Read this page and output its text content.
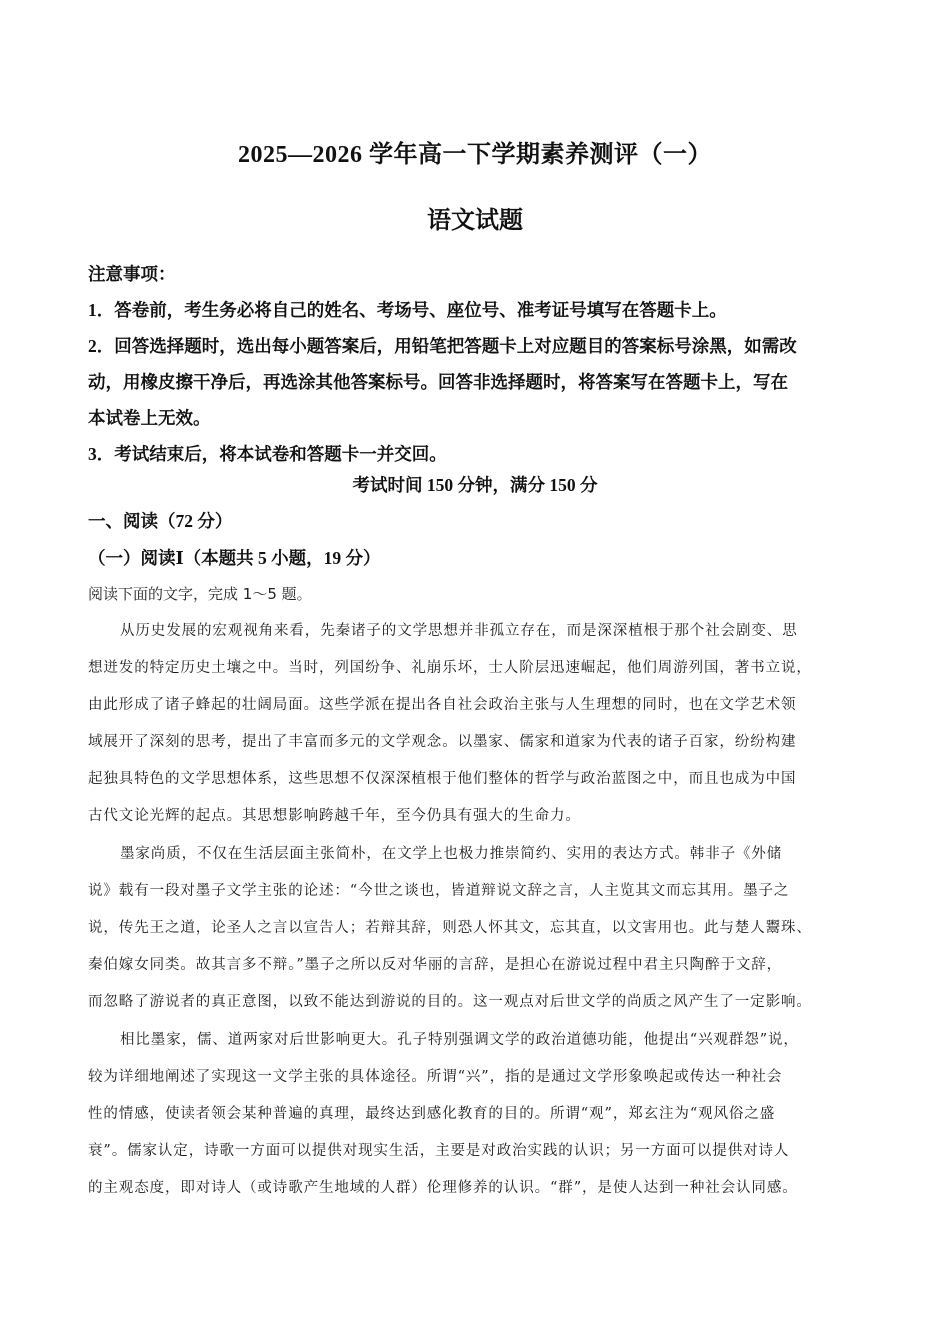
2025—2026 学年高一下学期素养测评（一）
语文试题
注意事项：
1．答卷前，考生务必将自己的姓名、考场号、座位号、准考证号填写在答题卡上。
2．回答选择题时，选出每小题答案后，用铅笔把答题卡上对应题目的答案标号涂黑，如需改
动，用橡皮擦干净后，再选涂其他答案标号。回答非选择题时，将答案写在答题卡上，写在
本试卷上无效。
3．考试结束后，将本试卷和答题卡一并交回。
考试时间 150 分钟，满分 150 分
一、阅读（72 分）
（一）阅读Ⅰ（本题共 5 小题，19 分）
阅读下面的文字，完成 1～5 题。
从历史发展的宏观视角来看，先秦诸子的文学思想并非孤立存在，而是深深植根于那个社会剧变、思
想迸发的特定历史土壤之中。当时，列国纷争、礼崩乐坏，士人阶层迅速崛起，他们周游列国，著书立说，
由此形成了诸子蜂起的壮阔局面。这些学派在提出各自社会政治主张与人生理想的同时，也在文学艺术领
域展开了深刻的思考，提出了丰富而多元的文学观念。以墨家、儒家和道家为代表的诸子百家，纷纷构建
起独具特色的文学思想体系，这些思想不仅深深植根于他们整体的哲学与政治蓝图之中，而且也成为中国
古代文论光辉的起点。其思想影响跨越千年，至今仍具有强大的生命力。
墨家尚质，不仅在生活层面主张简朴，在文学上也极力推崇简约、实用的表达方式。韩非子《外储
说》载有一段对墨子文学主张的论述：“今世之谈也，皆道辩说文辞之言，人主览其文而忘其用。墨子之
说，传先王之道，论圣人之言以宣告人；若辩其辞，则恐人怀其文，忘其直，以文害用也。此与楚人鬻珠、
秦伯嫁女同类。故其言多不辩。”墨子之所以反对华丽的言辞，是担心在游说过程中君主只陶醉于文辞，
而忽略了游说者的真正意图，以致不能达到游说的目的。这一观点对后世文学的尚质之风产生了一定影响。
相比墨家，儒、道两家对后世影响更大。孔子特别强调文学的政治道德功能，他提出“兴观群怨”说，
较为详细地阐述了实现这一文学主张的具体途径。所谓“兴”，指的是通过文学形象唤起或传达一种社会
性的情感，使读者领会某种普遍的真理，最终达到感化教育的目的。所谓“观”，郑玄注为“观风俗之盛
衰”。儒家认定，诗歌一方面可以提供对现实生活，主要是对政治实践的认识；另一方面可以提供对诗人
的主观态度，即对诗人（或诗歌产生地域的人群）伦理修养的认识。“群”，是使人达到一种社会认同感。
